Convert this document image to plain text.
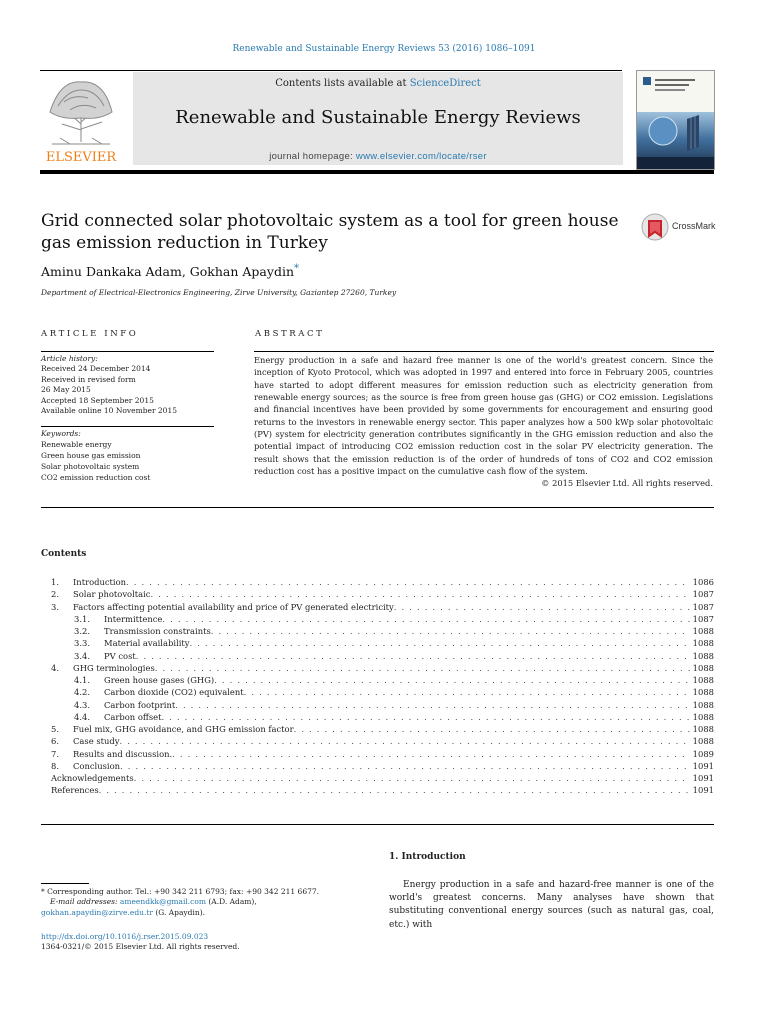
Renewable and Sustainable Energy Reviews 53 (2016) 1086–1091
ELSEVIER
Contents lists available at ScienceDirect
Renewable and Sustainable Energy Reviews
journal homepage: www.elsevier.com/locate/rser
Grid connected solar photovoltaic system as a tool for green house gas emission reduction in Turkey
CrossMark
Aminu Dankaka Adam, Gokhan Apaydin*
Department of Electrical-Electronics Engineering, Zirve University, Gaziantep 27260, Turkey
ARTICLE INFO	ABSTRACT
Article history:
Received 24 December 2014
Received in revised form
26 May 2015
Accepted 18 September 2015
Available online 10 November 2015
Keywords:
Renewable energy
Green house gas emission
Solar photovoltaic system
CO2 emission reduction cost
Energy production in a safe and hazard free manner is one of the world's greatest concern. Since the inception of Kyoto Protocol, which was adopted in 1997 and entered into force in February 2005, countries have started to adopt different measures for emission reduction such as electricity generation from renewable energy sources; as the source is free from green house gas (GHG) or CO2 emission. Legislations and financial incentives have been provided by some governments for encouragement and ensuring good returns to the investors in renewable energy sector. This paper analyzes how a 500 kWp solar photovoltaic (PV) system for electricity generation contributes significantly in the GHG emission reduction and also the potential impact of introducing CO2 emission reduction cost in the solar PV electricity generation. The result shows that the emission reduction is of the order of hundreds of tons of CO2 and CO2 emission reduction cost has a positive impact on the cumulative cash flow of the system.
© 2015 Elsevier Ltd. All rights reserved.
Contents
1.	Introduction . . .	1086
2.	Solar photovoltaic . . .	1087
3.	Factors affecting potential availability and price of PV generated electricity . . .	1087
3.1.	Intermittence . . .	1087
3.2.	Transmission constraints . . .	1088
3.3.	Material availability . . .	1088
3.4.	PV cost . . .	1088
4.	GHG terminologies . . .	1088
4.1.	Green house gases (GHG) . . .	1088
4.2.	Carbon dioxide (CO2) equivalent . . .	1088
4.3.	Carbon footprint . . .	1088
4.4.	Carbon offset . . .	1088
5.	Fuel mix, GHG avoidance, and GHG emission factor . . .	1088
6.	Case study . . .	1088
7.	Results and discussion. . . .	1089
8.	Conclusion . . .	1091
Acknowledgements . . .	1091
References . . .	1091
* Corresponding author. Tel.: +90 342 211 6793; fax: +90 342 211 6677.
E-mail addresses: ameendkk@gmail.com (A.D. Adam),
gokhan.apaydin@zirve.edu.tr (G. Apaydin).
http://dx.doi.org/10.1016/j.rser.2015.09.023
1364-0321/© 2015 Elsevier Ltd. All rights reserved.
1. Introduction
Energy production in a safe and hazard-free manner is one of the world's greatest concerns. Many analyses have shown that substituting conventional energy sources (such as natural gas, coal, etc.) with
